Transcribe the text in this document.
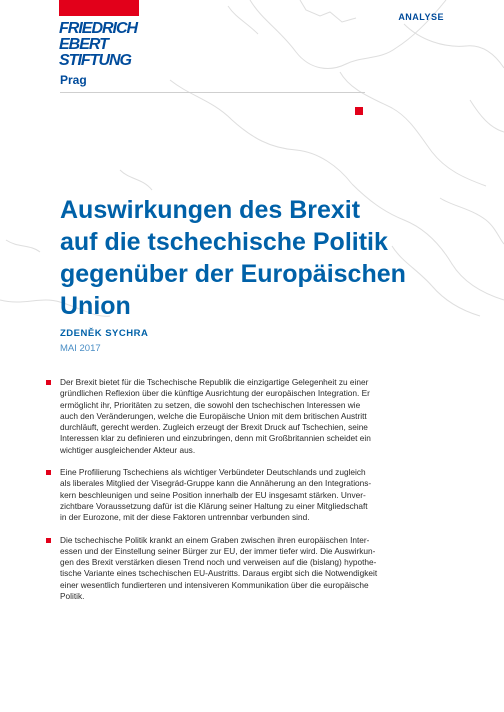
FRIEDRICH
EBERT
STIFTUNG
Prag
ANALYSE
Auswirkungen des Brexit
auf die tschechische Politik
gegenüber der Europäischen
Union
ZDENĚK SYCHRA
MAI 2017
Der Brexit bietet für die Tschechische Republik die einzigartige Gelegenheit zu einer
gründlichen Reflexion über die künftige Ausrichtung der europäischen Integration. Er
ermöglicht ihr, Prioritäten zu setzen, die sowohl den tschechischen Interessen wie
auch den Veränderungen, welche die Europäische Union mit dem britischen Austritt
durchläuft, gerecht werden. Zugleich erzeugt der Brexit Druck auf Tschechien, seine
Interessen klar zu definieren und einzubringen, denn mit Großbritannien scheidet ein
wichtiger ausgleichender Akteur aus.
Eine Profilierung Tschechiens als wichtiger Verbündeter Deutschlands und zugleich
als liberales Mitglied der Visegrád-Gruppe kann die Annäherung an den Integrations-
kern beschleunigen und seine Position innerhalb der EU insgesamt stärken. Unver-
zichtbare Voraussetzung dafür ist die Klärung seiner Haltung zu einer Mitgliedschaft
in der Eurozone, mit der diese Faktoren untrennbar verbunden sind.
Die tschechische Politik krankt an einem Graben zwischen ihren europäischen Inter-
essen und der Einstellung seiner Bürger zur EU, der immer tiefer wird. Die Auswirkun-
gen des Brexit verstärken diesen Trend noch und verweisen auf die (bislang) hypothe-
tische Variante eines tschechischen EU-Austritts. Daraus ergibt sich die Notwendigkeit
einer wesentlich fundierteren und intensiveren Kommunikation über die europäische
Politik.
